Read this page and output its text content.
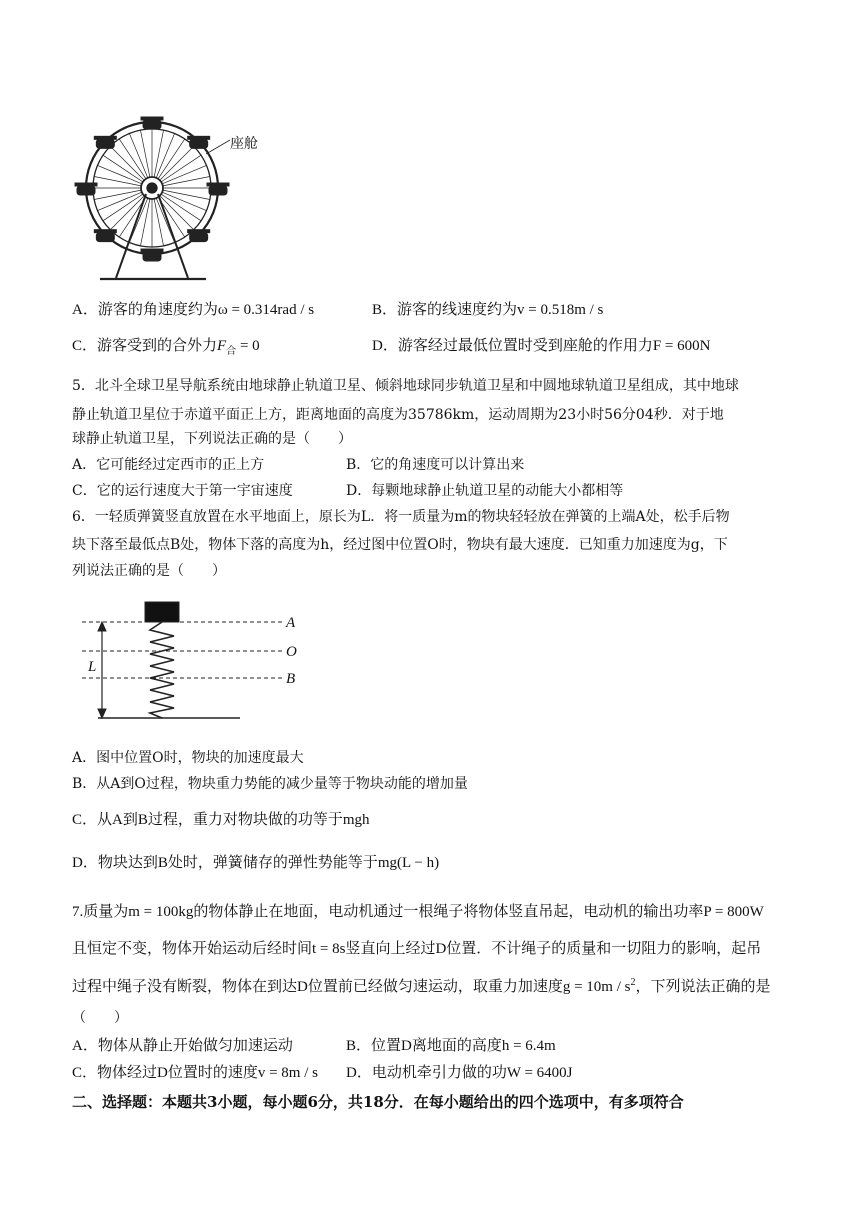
座舱
A．游客的角速度约为ω = 0.314rad / s	B．游客的线速度约为v = 0.518m / s
C．游客受到的合外力$F_合 = 0$	D．游客经过最低位置时受到座舱的作用力F = 600N
5．北斗全球卫星导航系统由地球静止轨道卫星、倾斜地球同步轨道卫星和中圆地球轨道卫星组成，其中地球
静止轨道卫星位于赤道平面正上方，距离地面的高度为35786km，运动周期为23小时56分04秒．对于地
球静止轨道卫星，下列说法正确的是（　　）
A．它可能经过定西市的正上方	B．它的角速度可以计算出来
C．它的运行速度大于第一宇宙速度	D．每颗地球静止轨道卫星的动能大小都相等
6．一轻质弹簧竖直放置在水平地面上，原长为L．将一质量为m的物块轻轻放在弹簧的上端A处，松手后物
块下落至最低点B处，物体下落的高度为h，经过图中位置O时，物块有最大速度．已知重力加速度为g，下
列说法正确的是（　　）
A
O
B
L
A．图中位置O时，物块的加速度最大
B．从A到O过程，物块重力势能的减少量等于物块动能的增加量
C．从A到B过程，重力对物块做的功等于mgh
D．物块达到B处时，弹簧储存的弹性势能等于mg(L − h)
7.质量为m = 100kg的物体静止在地面，电动机通过一根绳子将物体竖直吊起，电动机的输出功率P = 800W
且恒定不变，物体开始运动后经时间t = 8s竖直向上经过D位置．不计绳子的质量和一切阻力的影响，起吊
过程中绳子没有断裂，物体在到达D位置前已经做匀速运动，取重力加速度$g = 10m / s^2$，下列说法正确的是
（　　）
A．物体从静止开始做匀加速运动	B．位置D离地面的高度h = 6.4m
C．物体经过D位置时的速度v = 8m / s D．电动机牵引力做的功W = 6400J
二、选择题：本题共3小题，每小题6分，共18分．在每小题给出的四个选项中，有多项符合
